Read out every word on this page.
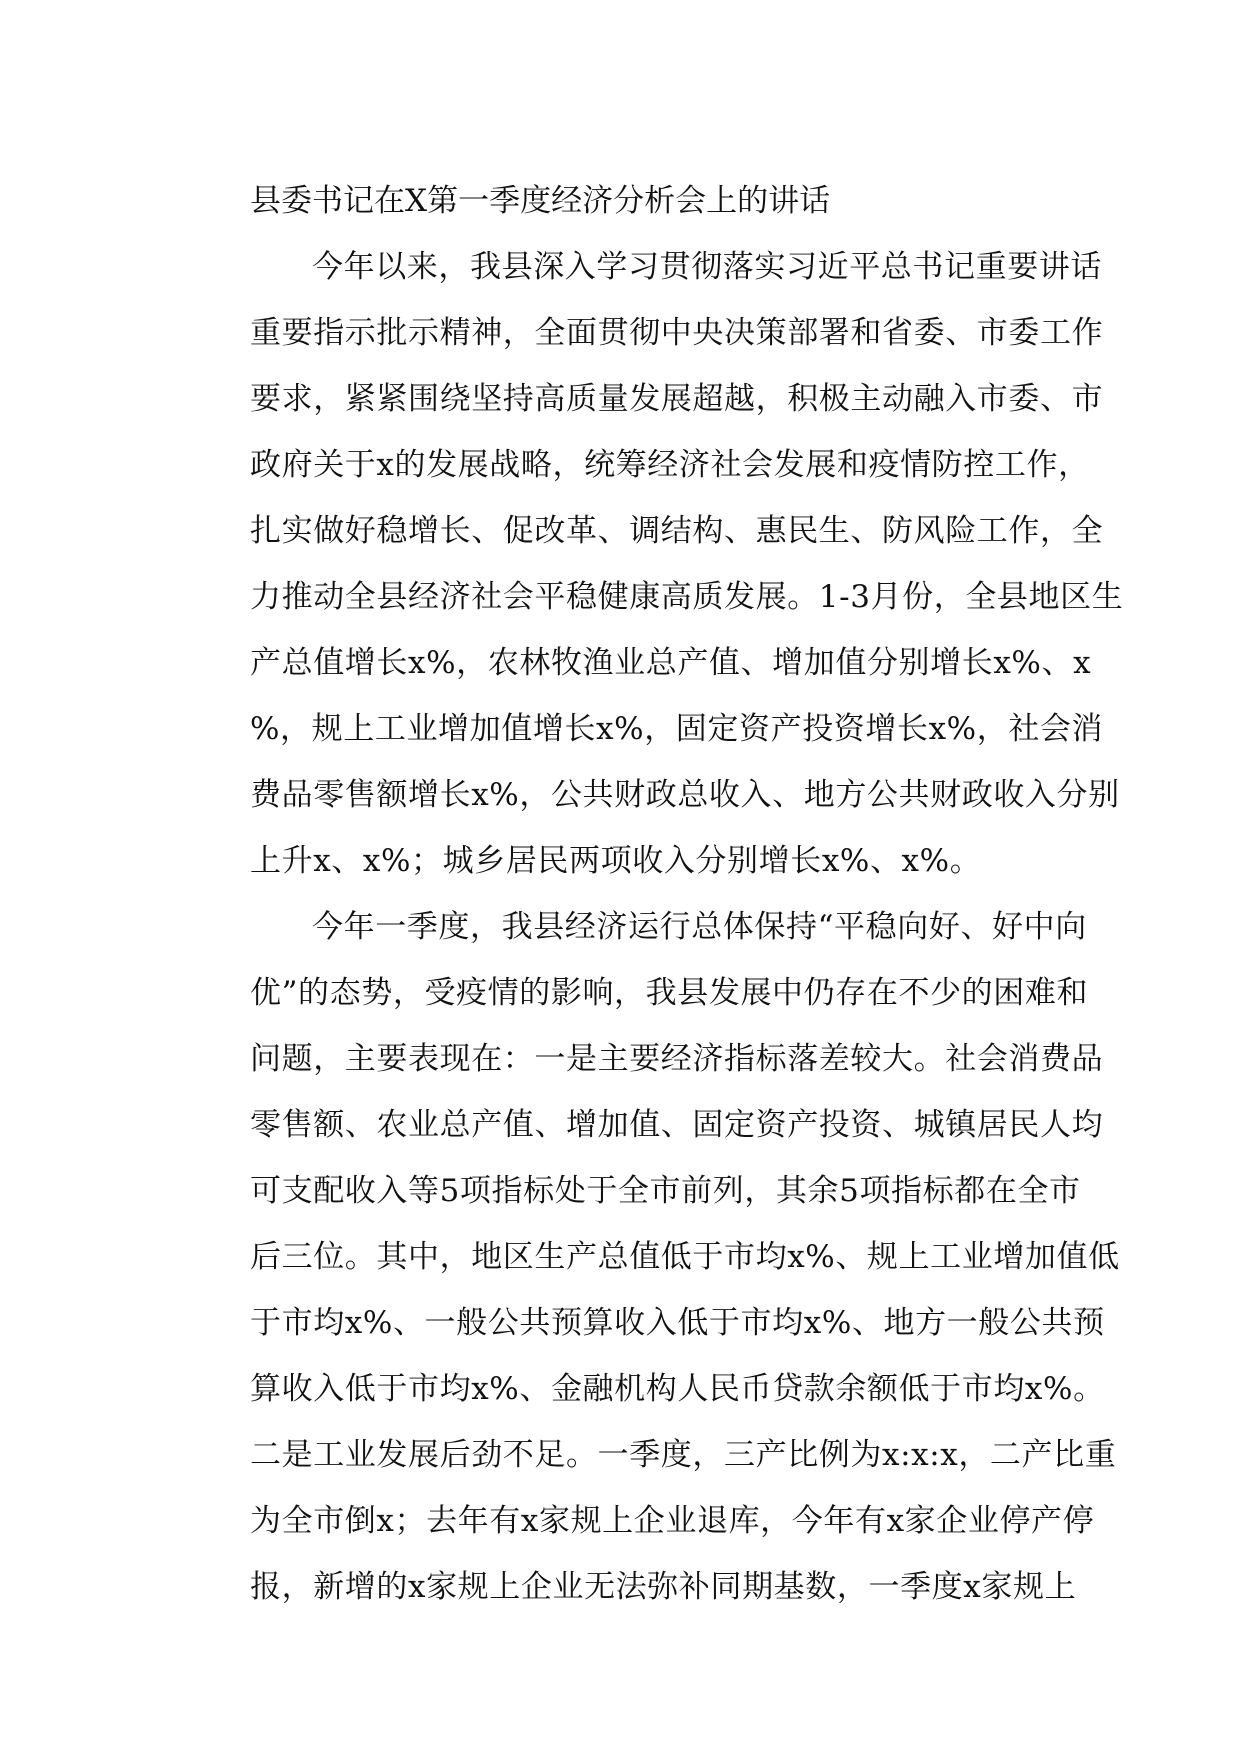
县委书记在X第一季度经济分析会上的讲话
今年以来，我县深入学习贯彻落实习近平总书记重要讲话
重要指示批示精神，全面贯彻中央决策部署和省委、市委工作
要求，紧紧围绕坚持高质量发展超越，积极主动融入市委、市
政府关于x的发展战略，统筹经济社会发展和疫情防控工作，
扎实做好稳增长、促改革、调结构、惠民生、防风险工作，全
力推动全县经济社会平稳健康高质发展。1-3月份，全县地区生
产总值增长x%，农林牧渔业总产值、增加值分别增长x%、x
%，规上工业增加值增长x%，固定资产投资增长x%，社会消
费品零售额增长x%，公共财政总收入、地方公共财政收入分别
上升x、x%；城乡居民两项收入分别增长x%、x%。
今年一季度，我县经济运行总体保持“平稳向好、好中向
优”的态势，受疫情的影响，我县发展中仍存在不少的困难和
问题，主要表现在：一是主要经济指标落差较大。社会消费品
零售额、农业总产值、增加值、固定资产投资、城镇居民人均
可支配收入等5项指标处于全市前列，其余5项指标都在全市
后三位。其中，地区生产总值低于市均x%、规上工业增加值低
于市均x%、一般公共预算收入低于市均x%、地方一般公共预
算收入低于市均x%、金融机构人民币贷款余额低于市均x%。
二是工业发展后劲不足。一季度，三产比例为x:x:x，二产比重
为全市倒x；去年有x家规上企业退库，今年有x家企业停产停
报，新增的x家规上企业无法弥补同期基数，一季度x家规上
